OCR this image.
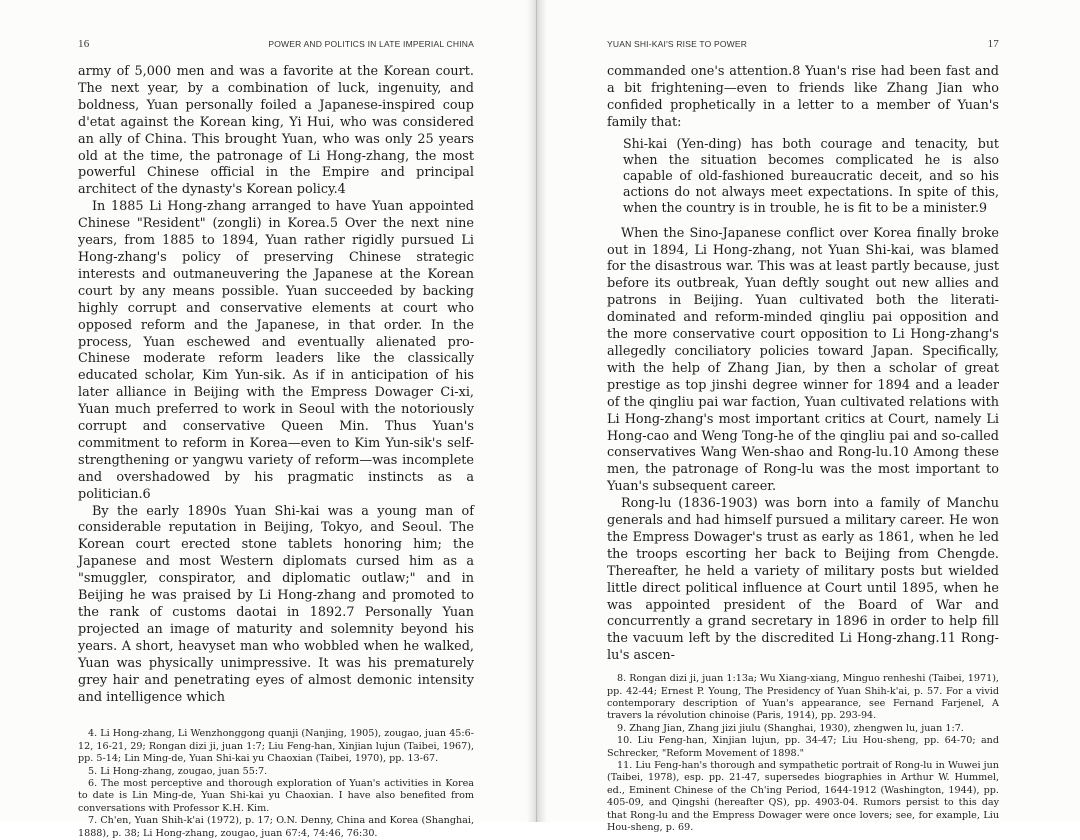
16	POWER AND POLITICS IN LATE IMPERIAL CHINA

army of 5,000 men and was a favorite at the Korean court. The next year, by a combination of luck, ingenuity, and boldness, Yuan personally foiled a Japanese-inspired coup d'etat against the Korean king, Yi Hui, who was considered an ally of China. This brought Yuan, who was only 25 years old at the time, the patronage of Li Hong-zhang, the most powerful Chinese official in the Empire and principal architect of the dynasty's Korean policy.4

In 1885 Li Hong-zhang arranged to have Yuan appointed Chinese "Resident" (zongli) in Korea.5 Over the next nine years, from 1885 to 1894, Yuan rather rigidly pursued Li Hong-zhang's policy of preserving Chinese strategic interests and outmaneuvering the Japanese at the Korean court by any means possible. Yuan succeeded by backing highly corrupt and conservative elements at court who opposed reform and the Japanese, in that order. In the process, Yuan eschewed and eventually alienated pro-Chinese moderate reform leaders like the classically educated scholar, Kim Yun-sik. As if in anticipation of his later alliance in Beijing with the Empress Dowager Ci-xi, Yuan much preferred to work in Seoul with the notoriously corrupt and conservative Queen Min. Thus Yuan's commitment to reform in Korea—even to Kim Yun-sik's self-strengthening or yangwu variety of reform—was incomplete and overshadowed by his pragmatic instincts as a politician.6

By the early 1890s Yuan Shi-kai was a young man of considerable reputation in Beijing, Tokyo, and Seoul. The Korean court erected stone tablets honoring him; the Japanese and most Western diplomats cursed him as a "smuggler, conspirator, and diplomatic outlaw;" and in Beijing he was praised by Li Hong-zhang and promoted to the rank of customs daotai in 1892.7 Personally Yuan projected an image of maturity and solemnity beyond his years. A short, heavyset man who wobbled when he walked, Yuan was physically unimpressive. It was his prematurely grey hair and penetrating eyes of almost demonic intensity and intelligence which

4. Li Hong-zhang, Li Wenzhonggong quanji (Nanjing, 1905), zougao, juan 45:6-12, 16-21, 29; Rongan dizi ji, juan 1:7; Liu Feng-han, Xinjian lujun (Taibei, 1967), pp. 5-14; Lin Ming-de, Yuan Shi-kai yu Chaoxian (Taibei, 1970), pp. 13-67.

5. Li Hong-zhang, zougao, juan 55:7.

6. The most perceptive and thorough exploration of Yuan's activities in Korea to date is Lin Ming-de, Yuan Shi-kai yu Chaoxian. I have also benefited from conversations with Professor K.H. Kim.

7. Ch'en, Yuan Shih-k'ai (1972), p. 17; O.N. Denny, China and Korea (Shanghai, 1888), p. 38; Li Hong-zhang, zougao, juan 67:4, 74:46, 76:30.

YUAN SHI-KAI'S RISE TO POWER	17

commanded one's attention.8 Yuan's rise had been fast and a bit frightening—even to friends like Zhang Jian who confided prophetically in a letter to a member of Yuan's family that:

Shi-kai (Yen-ding) has both courage and tenacity, but when the situation becomes complicated he is also capable of old-fashioned bureaucratic deceit, and so his actions do not always meet expectations. In spite of this, when the country is in trouble, he is fit to be a minister.9

When the Sino-Japanese conflict over Korea finally broke out in 1894, Li Hong-zhang, not Yuan Shi-kai, was blamed for the disastrous war. This was at least partly because, just before its outbreak, Yuan deftly sought out new allies and patrons in Beijing. Yuan cultivated both the literati-dominated and reform-minded qingliu pai opposition and the more conservative court opposition to Li Hong-zhang's allegedly conciliatory policies toward Japan. Specifically, with the help of Zhang Jian, by then a scholar of great prestige as top jinshi degree winner for 1894 and a leader of the qingliu pai war faction, Yuan cultivated relations with Li Hong-zhang's most important critics at Court, namely Li Hong-cao and Weng Tong-he of the qingliu pai and so-called conservatives Wang Wen-shao and Rong-lu.10 Among these men, the patronage of Rong-lu was the most important to Yuan's subsequent career.

Rong-lu (1836-1903) was born into a family of Manchu generals and had himself pursued a military career. He won the Empress Dowager's trust as early as 1861, when he led the troops escorting her back to Beijing from Chengde. Thereafter, he held a variety of military posts but wielded little direct political influence at Court until 1895, when he was appointed president of the Board of War and concurrently a grand secretary in 1896 in order to help fill the vacuum left by the discredited Li Hong-zhang.11 Rong-lu's ascen-

8. Rongan dizi ji, juan 1:13a; Wu Xiang-xiang, Minguo renheshi (Taibei, 1971), pp. 42-44; Ernest P. Young, The Presidency of Yuan Shih-k'ai, p. 57. For a vivid contemporary description of Yuan's appearance, see Fernand Farjenel, A travers la révolution chinoise (Paris, 1914), pp. 293-94.

9. Zhang Jian, Zhang jizi jiulu (Shanghai, 1930), zhengwen lu, juan 1:7.

10. Liu Feng-han, Xinjian lujun, pp. 34-47; Liu Hou-sheng, pp. 64-70; and Schrecker, "Reform Movement of 1898."

11. Liu Feng-han's thorough and sympathetic portrait of Rong-lu in Wuwei jun (Taibei, 1978), esp. pp. 21-47, supersedes biographies in Arthur W. Hummel, ed., Eminent Chinese of the Ch'ing Period, 1644-1912 (Washington, 1944), pp. 405-09, and Qingshi (hereafter QS), pp. 4903-04. Rumors persist to this day that Rong-lu and the Empress Dowager were once lovers; see, for example, Liu Hou-sheng, p. 69.
